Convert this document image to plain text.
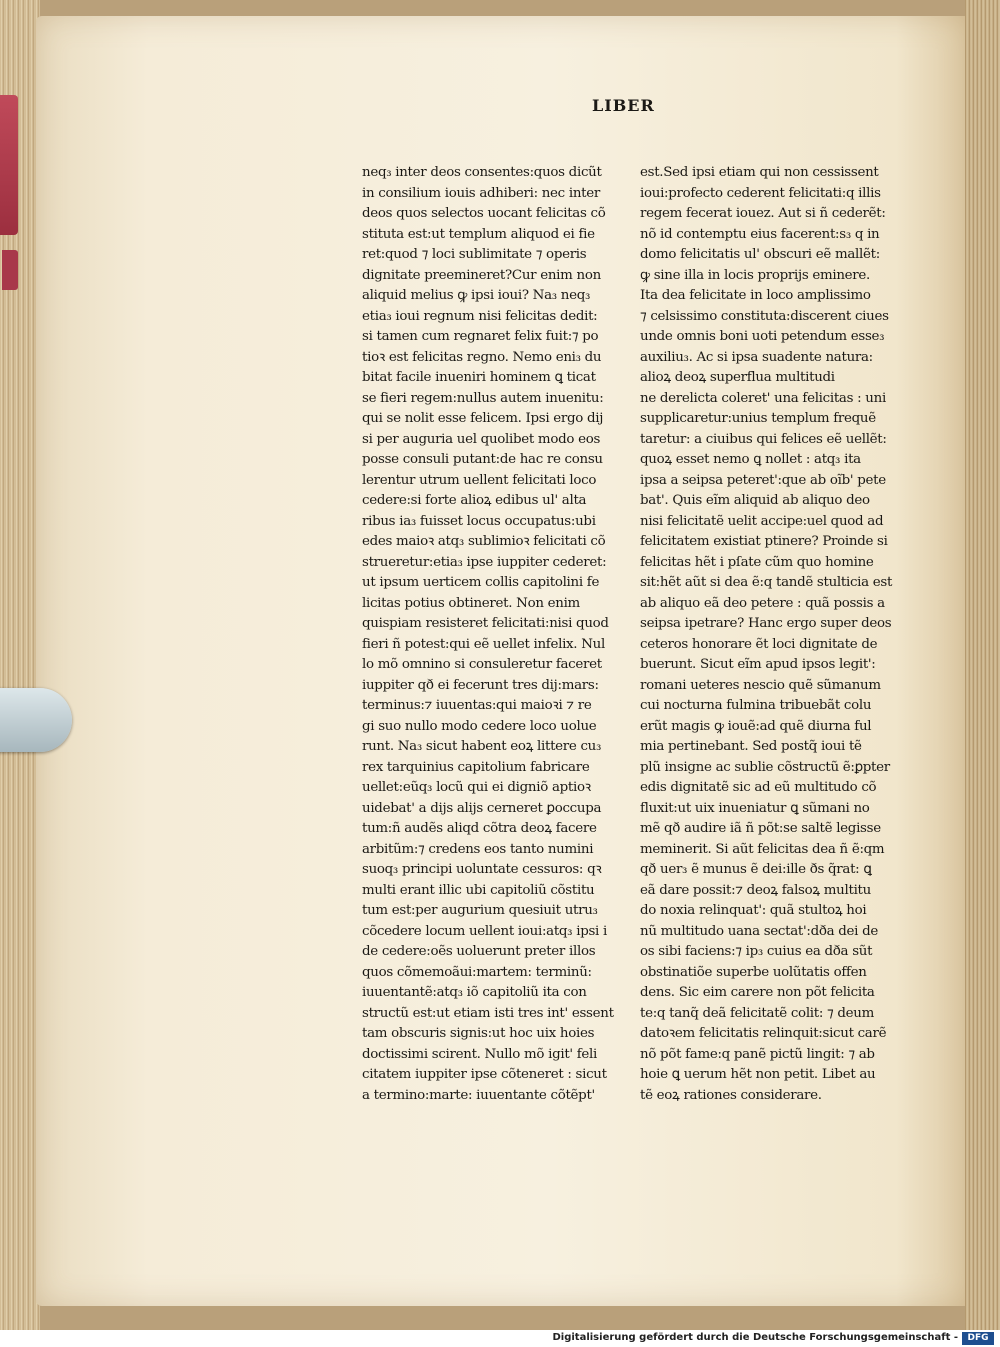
LIBER
neq₃ inter deos consentes:quos dicũt
in consilium iouis adhiberi: nec inter
deos quos selectos uocant felicitas cõ
stituta est:ut templum aliquod ei fie
ret:quod ⁊ loci sublimitate ⁊ operis
dignitate preemineret?Cur enim non
aliquid melius ꝙ ipsi ioui? Na₃ neq₃
etia₃ ioui regnum nisi felicitas dedit:
si tamen cum regnaret felix fuit:⁊ po
tioꝛ est felicitas regno. Nemo eni₃ du
bitat facile inueniri hominem ꝗ ticat
se fieri regem:nullus autem inuenitu:
qui se nolit esse felicem. Ipsi ergo dij
si per auguria uel quolibet modo eos
posse consuli putant:de hac re consu
lerentur utrum uellent felicitati loco
cedere:si forte alioꝝ edibus ul' alta
ribus ia₃ fuisset locus occupatus:ubi
edes maioꝛ atq₃ sublimioꝛ felicitati cõ
strueretur:etia₃ ipse iuppiter cederet:
ut ipsum uerticem collis capitolini fe
licitas potius obtineret. Non enim
quispiam resisteret felicitati:nisi quod
fieri ñ potest:qui eẽ uellet infelix. Nul
lo mõ omnino si consuleretur faceret
iuppiter qð ei fecerunt tres dij:mars:
terminus:⁊ iuuentas:qui maioꝛi ⁊ re
gi suo nullo modo cedere loco uolue
runt. Na₃ sicut habent eoꝝ littere cu₃
rex tarquinius capitolium fabricare
uellet:eũq₃ locũ qui ei digniõ aptioꝛ
uidebat' a dijs alijs cerneret ꝑoccupa
tum:ñ audẽs aliqd cõtra deoꝝ facere
arbitũm:⁊ credens eos tanto numini
suoq₃ principi uoluntate cessuros: qꝛ
multi erant illic ubi capitoliũ cõstitu
tum est:per augurium quesiuit utru₃
cõcedere locum uellent ioui:atq₃ ipsi i
de cedere:oẽs uoluerunt preter illos
quos cõmemoãui:martem: terminũ:
iuuentantẽ:atq₃ iõ capitoliũ ita con
structũ est:ut etiam isti tres int' essent
tam obscuris signis:ut hoc uix hoies
doctissimi scirent. Nullo mõ igit' feli
citatem iuppiter ipse cõteneret : sicut
a termino:marte: iuuentante cõtẽpt'
est.Sed ipsi etiam qui non cessissent
ioui:profecto cederent felicitati:q illis
regem fecerat iouez. Aut si ñ cederẽt:
nõ id contemptu eius facerent:s₃ q in
domo felicitatis ul' obscuri eẽ mallẽt:
ꝙ sine illa in locis proprijs eminere.
Ita dea felicitate in loco amplissimo
⁊ celsissimo constituta:discerent ciues
unde omnis boni uoti petendum esse₃
auxiliu₃. Ac si ipsa suadente natura:
alioꝝ deoꝝ superflua multitudi
ne derelicta coleret' una felicitas : uni
supplicaretur:unius templum frequẽ
taretur: a ciuibus qui felices eẽ uellẽt:
quoꝝ esset nemo ꝗ nollet : atq₃ ita
ipsa a seipsa peteret':que ab oĩb' pete
bat'. Quis eĩm aliquid ab aliquo deo
nisi felicitatẽ uelit accipe:uel quod ad
felicitatem existiat ptinere? Proinde si
felicitas hẽt i pſate cũm quo homine
sit:hẽt aũt si dea ẽ:q tandẽ stulticia est
ab aliquo eã deo petere : quã possis a
seipsa ipetrare? Hanc ergo super deos
ceteros honorare ẽt loci dignitate de
buerunt. Sicut eĩm apud ipsos legit':
romani ueteres nescio quẽ sũmanum
cui nocturna fulmina tribuebãt colu
erũt magis ꝙ iouẽ:ad quẽ diurna ful
mia pertinebant. Sed postq̃ ioui tẽ
plũ insigne ac sublie cõstructũ ẽ:ꝑpter
edis dignitatẽ sic ad eũ multitudo cõ
fluxit:ut uix inueniatur ꝗ sũmani no
mẽ qð audire iã ñ põt:se saltẽ legisse
meminerit. Si aũt felicitas dea ñ ẽ:qm
qð uer₃ ẽ munus ẽ dei:ille ðs q̃rat: ꝗ
eã dare possit:⁊ deoꝝ falsoꝝ multitu
do noxia relinquat': quã stultoꝝ hoi
nũ multitudo uana sectat':dða dei de
os sibi faciens:⁊ ip₃ cuius ea dða sũt
obstinatiõe superbe uolũtatis offen
dens. Sic eim carere non põt felicita
te:q tanq̃ deã felicitatẽ colit: ⁊ deum
datoꝛem felicitatis relinquit:sicut carẽ
nõ põt fame:q panẽ pictũ lingit: ⁊ ab
hoie ꝗ uerum hẽt non petit. Libet au
tẽ eoꝝ rationes considerare.
Digitalisierung gefördert durch die Deutsche Forschungsgemeinschaft -	DFG
